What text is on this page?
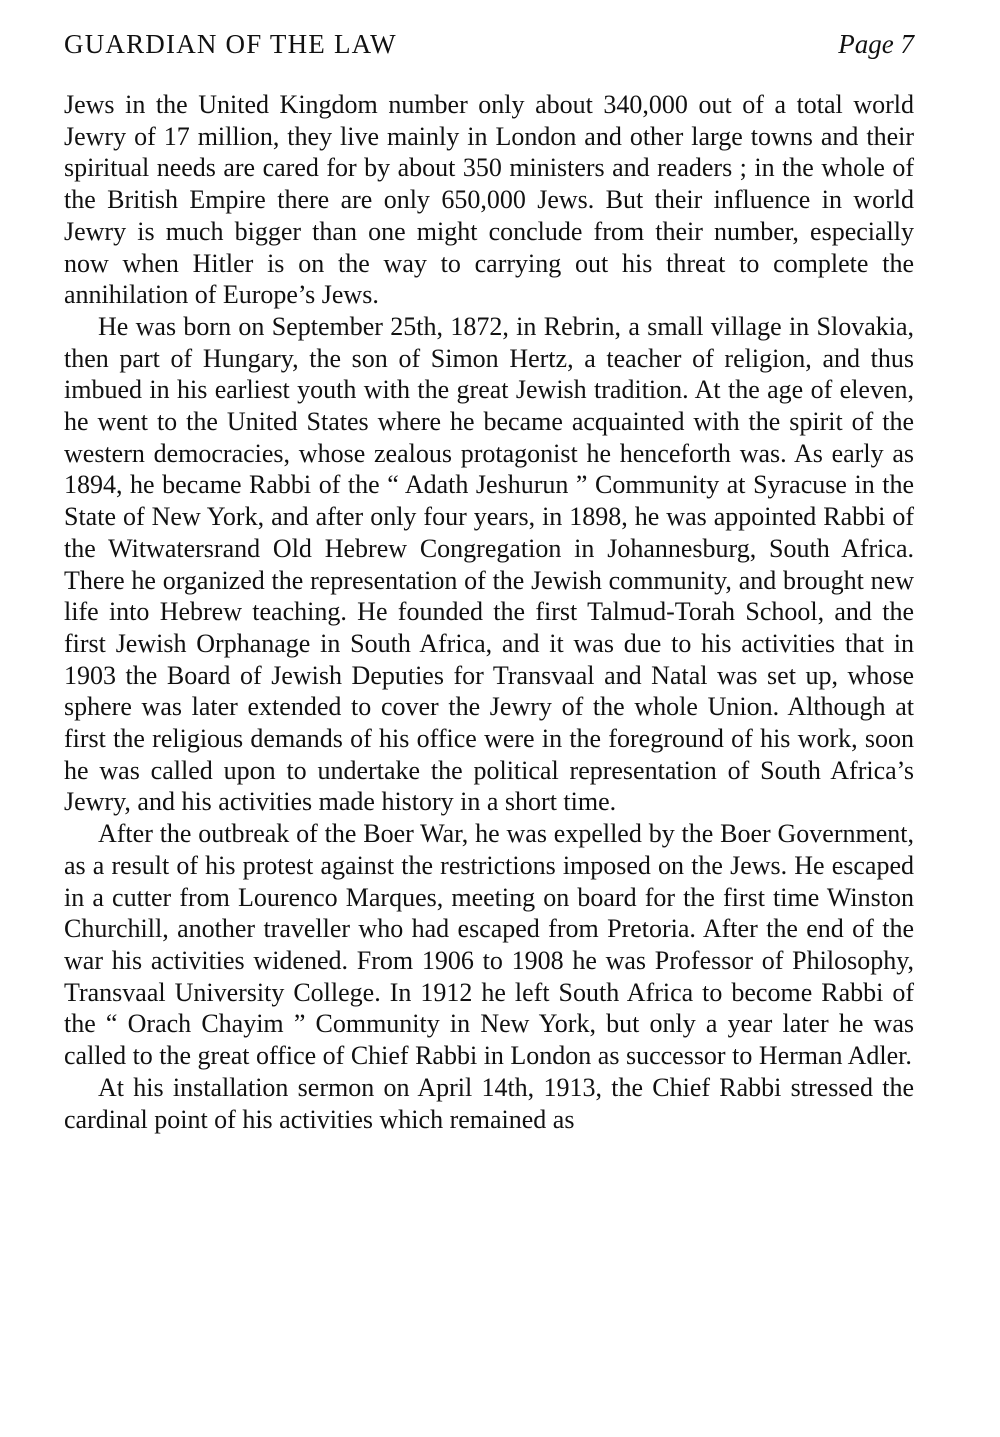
GUARDIAN OF THE LAW	Page 7

Jews in the United Kingdom number only about 340,000 out of a total world Jewry of 17 million, they live mainly in London and other large towns and their spiritual needs are cared for by about 350 ministers and readers ; in the whole of the British Empire there are only 650,000 Jews. But their influence in world Jewry is much bigger than one might conclude from their number, especially now when Hitler is on the way to carrying out his threat to complete the annihilation of Europe’s Jews.

He was born on September 25th, 1872, in Rebrin, a small village in Slovakia, then part of Hungary, the son of Simon Hertz, a teacher of religion, and thus imbued in his earliest youth with the great Jewish tradition. At the age of eleven, he went to the United States where he became acquainted with the spirit of the western democracies, whose zealous protagonist he henceforth was. As early as 1894, he became Rabbi of the “ Adath Jeshurun ” Community at Syracuse in the State of New York, and after only four years, in 1898, he was appointed Rabbi of the Witwatersrand Old Hebrew Congregation in Johannesburg, South Africa. There he organized the representation of the Jewish community, and brought new life into Hebrew teaching. He founded the first Talmud-Torah School, and the first Jewish Orphanage in South Africa, and it was due to his activities that in 1903 the Board of Jewish Deputies for Transvaal and Natal was set up, whose sphere was later extended to cover the Jewry of the whole Union. Although at first the religious demands of his office were in the foreground of his work, soon he was called upon to undertake the political representation of South Africa’s Jewry, and his activities made history in a short time.

After the outbreak of the Boer War, he was expelled by the Boer Government, as a result of his protest against the restrictions imposed on the Jews. He escaped in a cutter from Lourenco Marques, meeting on board for the first time Winston Churchill, another traveller who had escaped from Pretoria. After the end of the war his activities widened. From 1906 to 1908 he was Professor of Philosophy, Transvaal University College. In 1912 he left South Africa to become Rabbi of the “ Orach Chayim ” Community in New York, but only a year later he was called to the great office of Chief Rabbi in London as successor to Herman Adler.

At his installation sermon on April 14th, 1913, the Chief Rabbi stressed the cardinal point of his activities which remained as
